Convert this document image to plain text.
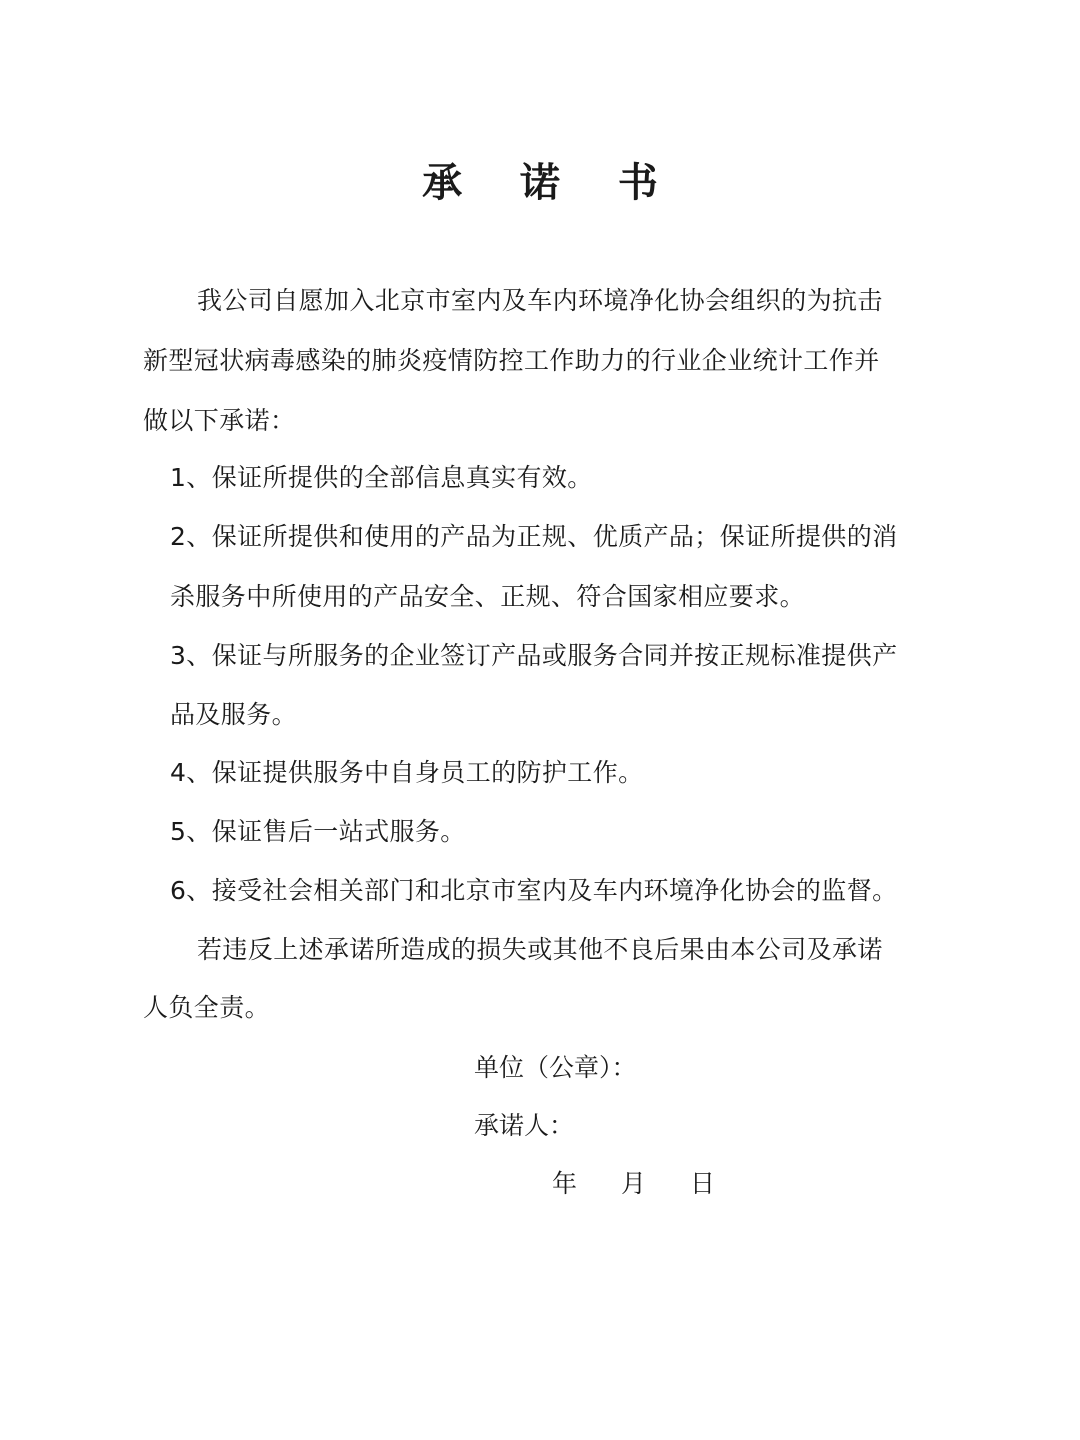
承 诺 书
我公司自愿加入北京市室内及车内环境净化协会组织的为抗击
新型冠状病毒感染的肺炎疫情防控工作助力的行业企业统计工作并
做以下承诺：
1、保证所提供的全部信息真实有效。
2、保证所提供和使用的产品为正规、优质产品；保证所提供的消
杀服务中所使用的产品安全、正规、符合国家相应要求。
3、保证与所服务的企业签订产品或服务合同并按正规标准提供产
品及服务。
4、保证提供服务中自身员工的防护工作。
5、保证售后一站式服务。
6、接受社会相关部门和北京市室内及车内环境净化协会的监督。
若违反上述承诺所造成的损失或其他不良后果由本公司及承诺
人负全责。
单位（公章）：
承诺人：
年 月 日
